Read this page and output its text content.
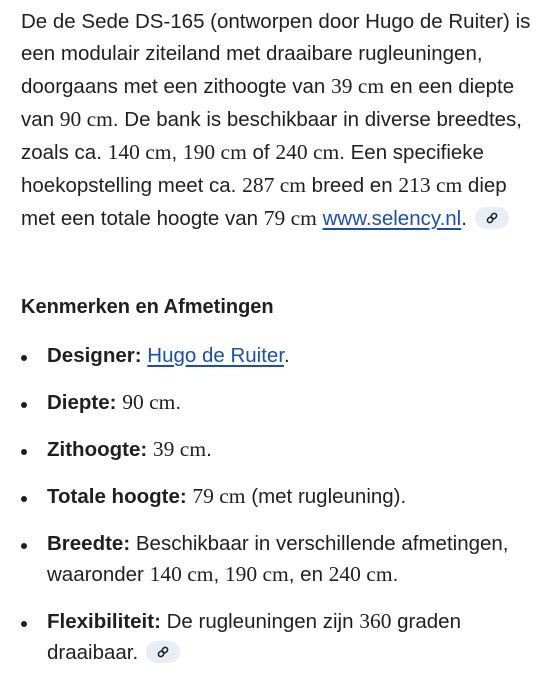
De de Sede DS-165 (ontworpen door Hugo de Ruiter) is een modulair ziteiland met draaibare rugleuningen, doorgaans met een zithoogte van 39 cm en een diepte van 90 cm. De bank is beschikbaar in diverse breedtes, zoals ca. 140 cm, 190 cm of 240 cm. Een specifieke hoekopstelling meet ca. 287 cm breed en 213 cm diep met een totale hoogte van 79 cm www.selency.nl.

Kenmerken en Afmetingen
Designer: Hugo de Ruiter.
Diepte: 90 cm.
Zithoogte: 39 cm.
Totale hoogte: 79 cm (met rugleuning).
Breedte: Beschikbaar in verschillende afmetingen, waaronder 140 cm, 190 cm, en 240 cm.
Flexibiliteit: De rugleuningen zijn 360 graden draaibaar.
